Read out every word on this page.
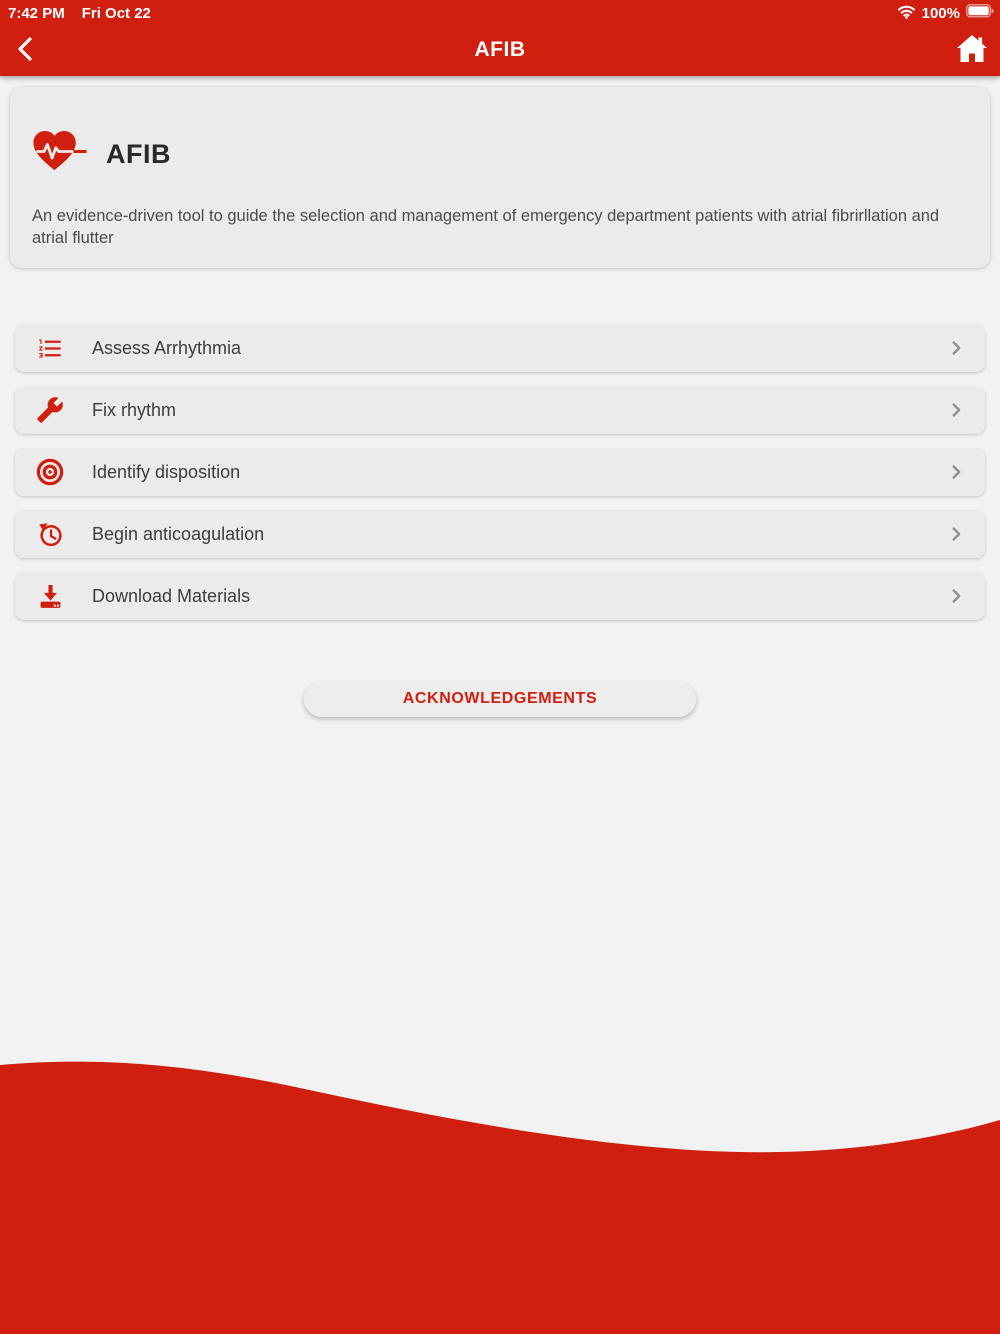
7:42 PM Fri Oct 22	100%
AFIB
AFIB
An evidence-driven tool to guide the selection and management of emergency department patients with atrial fibrirllation and atrial flutter
Assess Arrhythmia
Fix rhythm
Identify disposition
Begin anticoagulation
Download Materials
ACKNOWLEDGEMENTS
